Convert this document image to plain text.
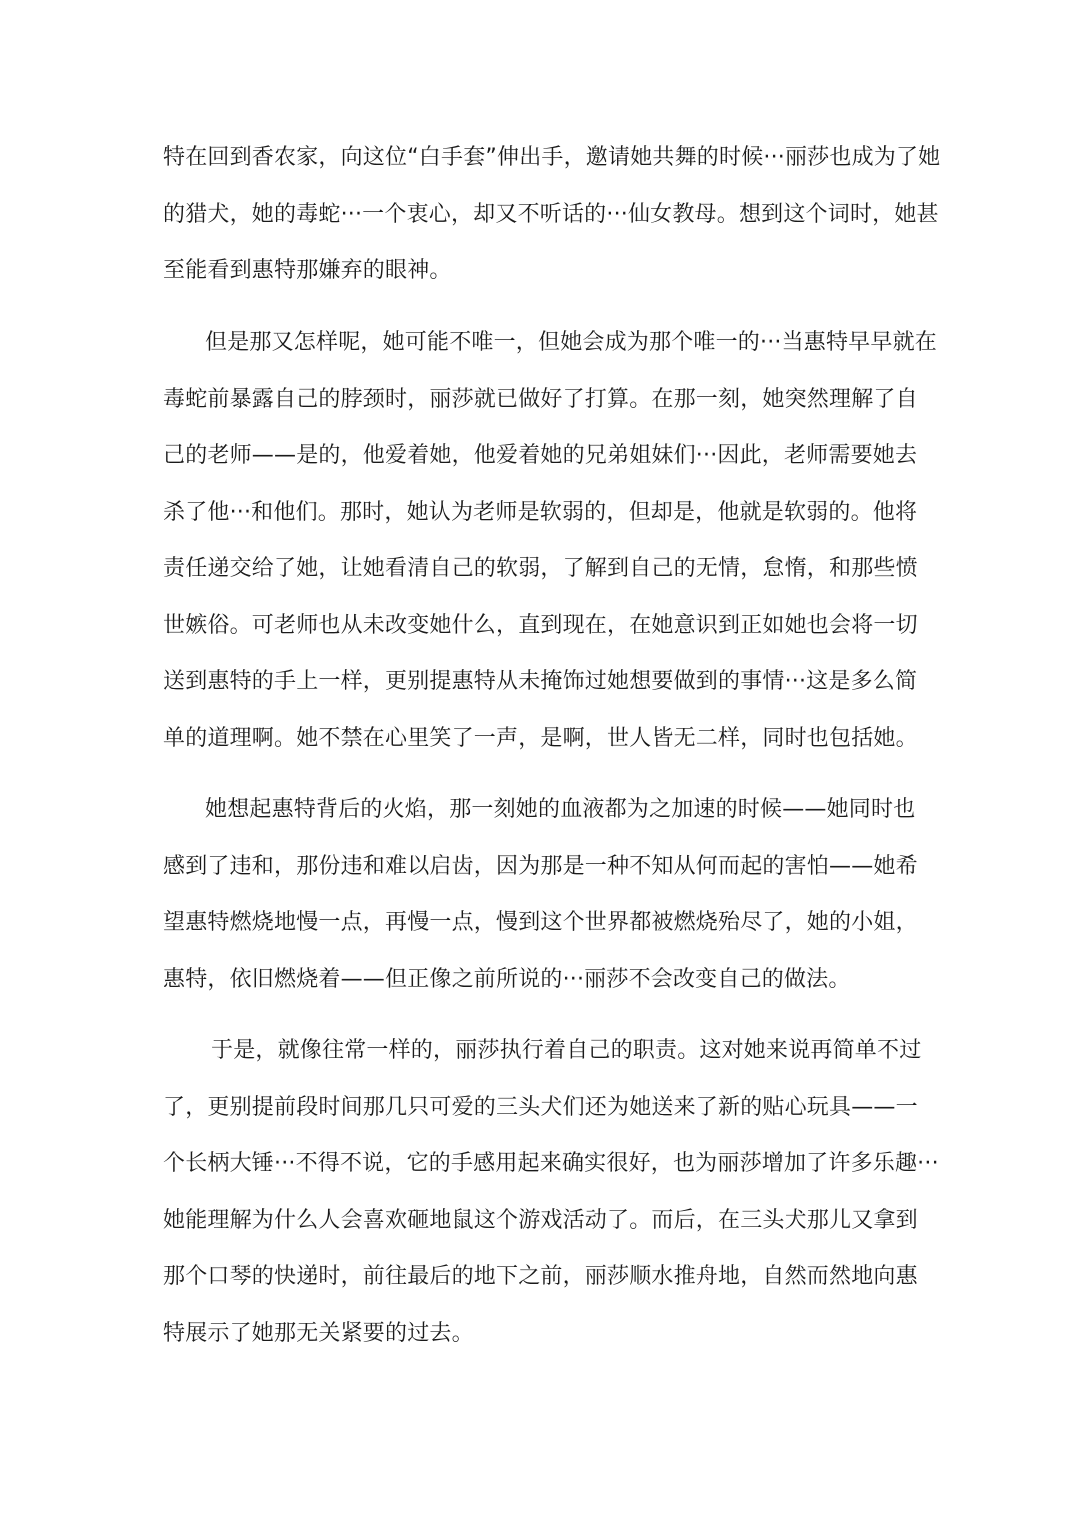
特在回到香农家，向这位“白手套”伸出手，邀请她共舞的时候···丽莎也成为了她
的猎犬，她的毒蛇···一个衷心，却又不听话的···仙女教母。想到这个词时，她甚
至能看到惠特那嫌弃的眼神。
但是那又怎样呢，她可能不唯一，但她会成为那个唯一的···当惠特早早就在
毒蛇前暴露自己的脖颈时，丽莎就已做好了打算。在那一刻，她突然理解了自
己的老师——是的，他爱着她，他爱着她的兄弟姐妹们···因此，老师需要她去
杀了他···和他们。那时，她认为老师是软弱的，但却是，他就是软弱的。他将
责任递交给了她，让她看清自己的软弱，了解到自己的无情，怠惰，和那些愤
世嫉俗。可老师也从未改变她什么，直到现在，在她意识到正如她也会将一切
送到惠特的手上一样，更别提惠特从未掩饰过她想要做到的事情···这是多么简
单的道理啊。她不禁在心里笑了一声，是啊，世人皆无二样，同时也包括她。
她想起惠特背后的火焰，那一刻她的血液都为之加速的时候——她同时也
感到了违和，那份违和难以启齿，因为那是一种不知从何而起的害怕——她希
望惠特燃烧地慢一点，再慢一点，慢到这个世界都被燃烧殆尽了，她的小姐，
惠特，依旧燃烧着——但正像之前所说的···丽莎不会改变自己的做法。
于是，就像往常一样的，丽莎执行着自己的职责。这对她来说再简单不过
了，更别提前段时间那几只可爱的三头犬们还为她送来了新的贴心玩具——一
个长柄大锤···不得不说，它的手感用起来确实很好，也为丽莎增加了许多乐趣···
她能理解为什么人会喜欢砸地鼠这个游戏活动了。而后，在三头犬那儿又拿到
那个口琴的快递时，前往最后的地下之前，丽莎顺水推舟地，自然而然地向惠
特展示了她那无关紧要的过去。
